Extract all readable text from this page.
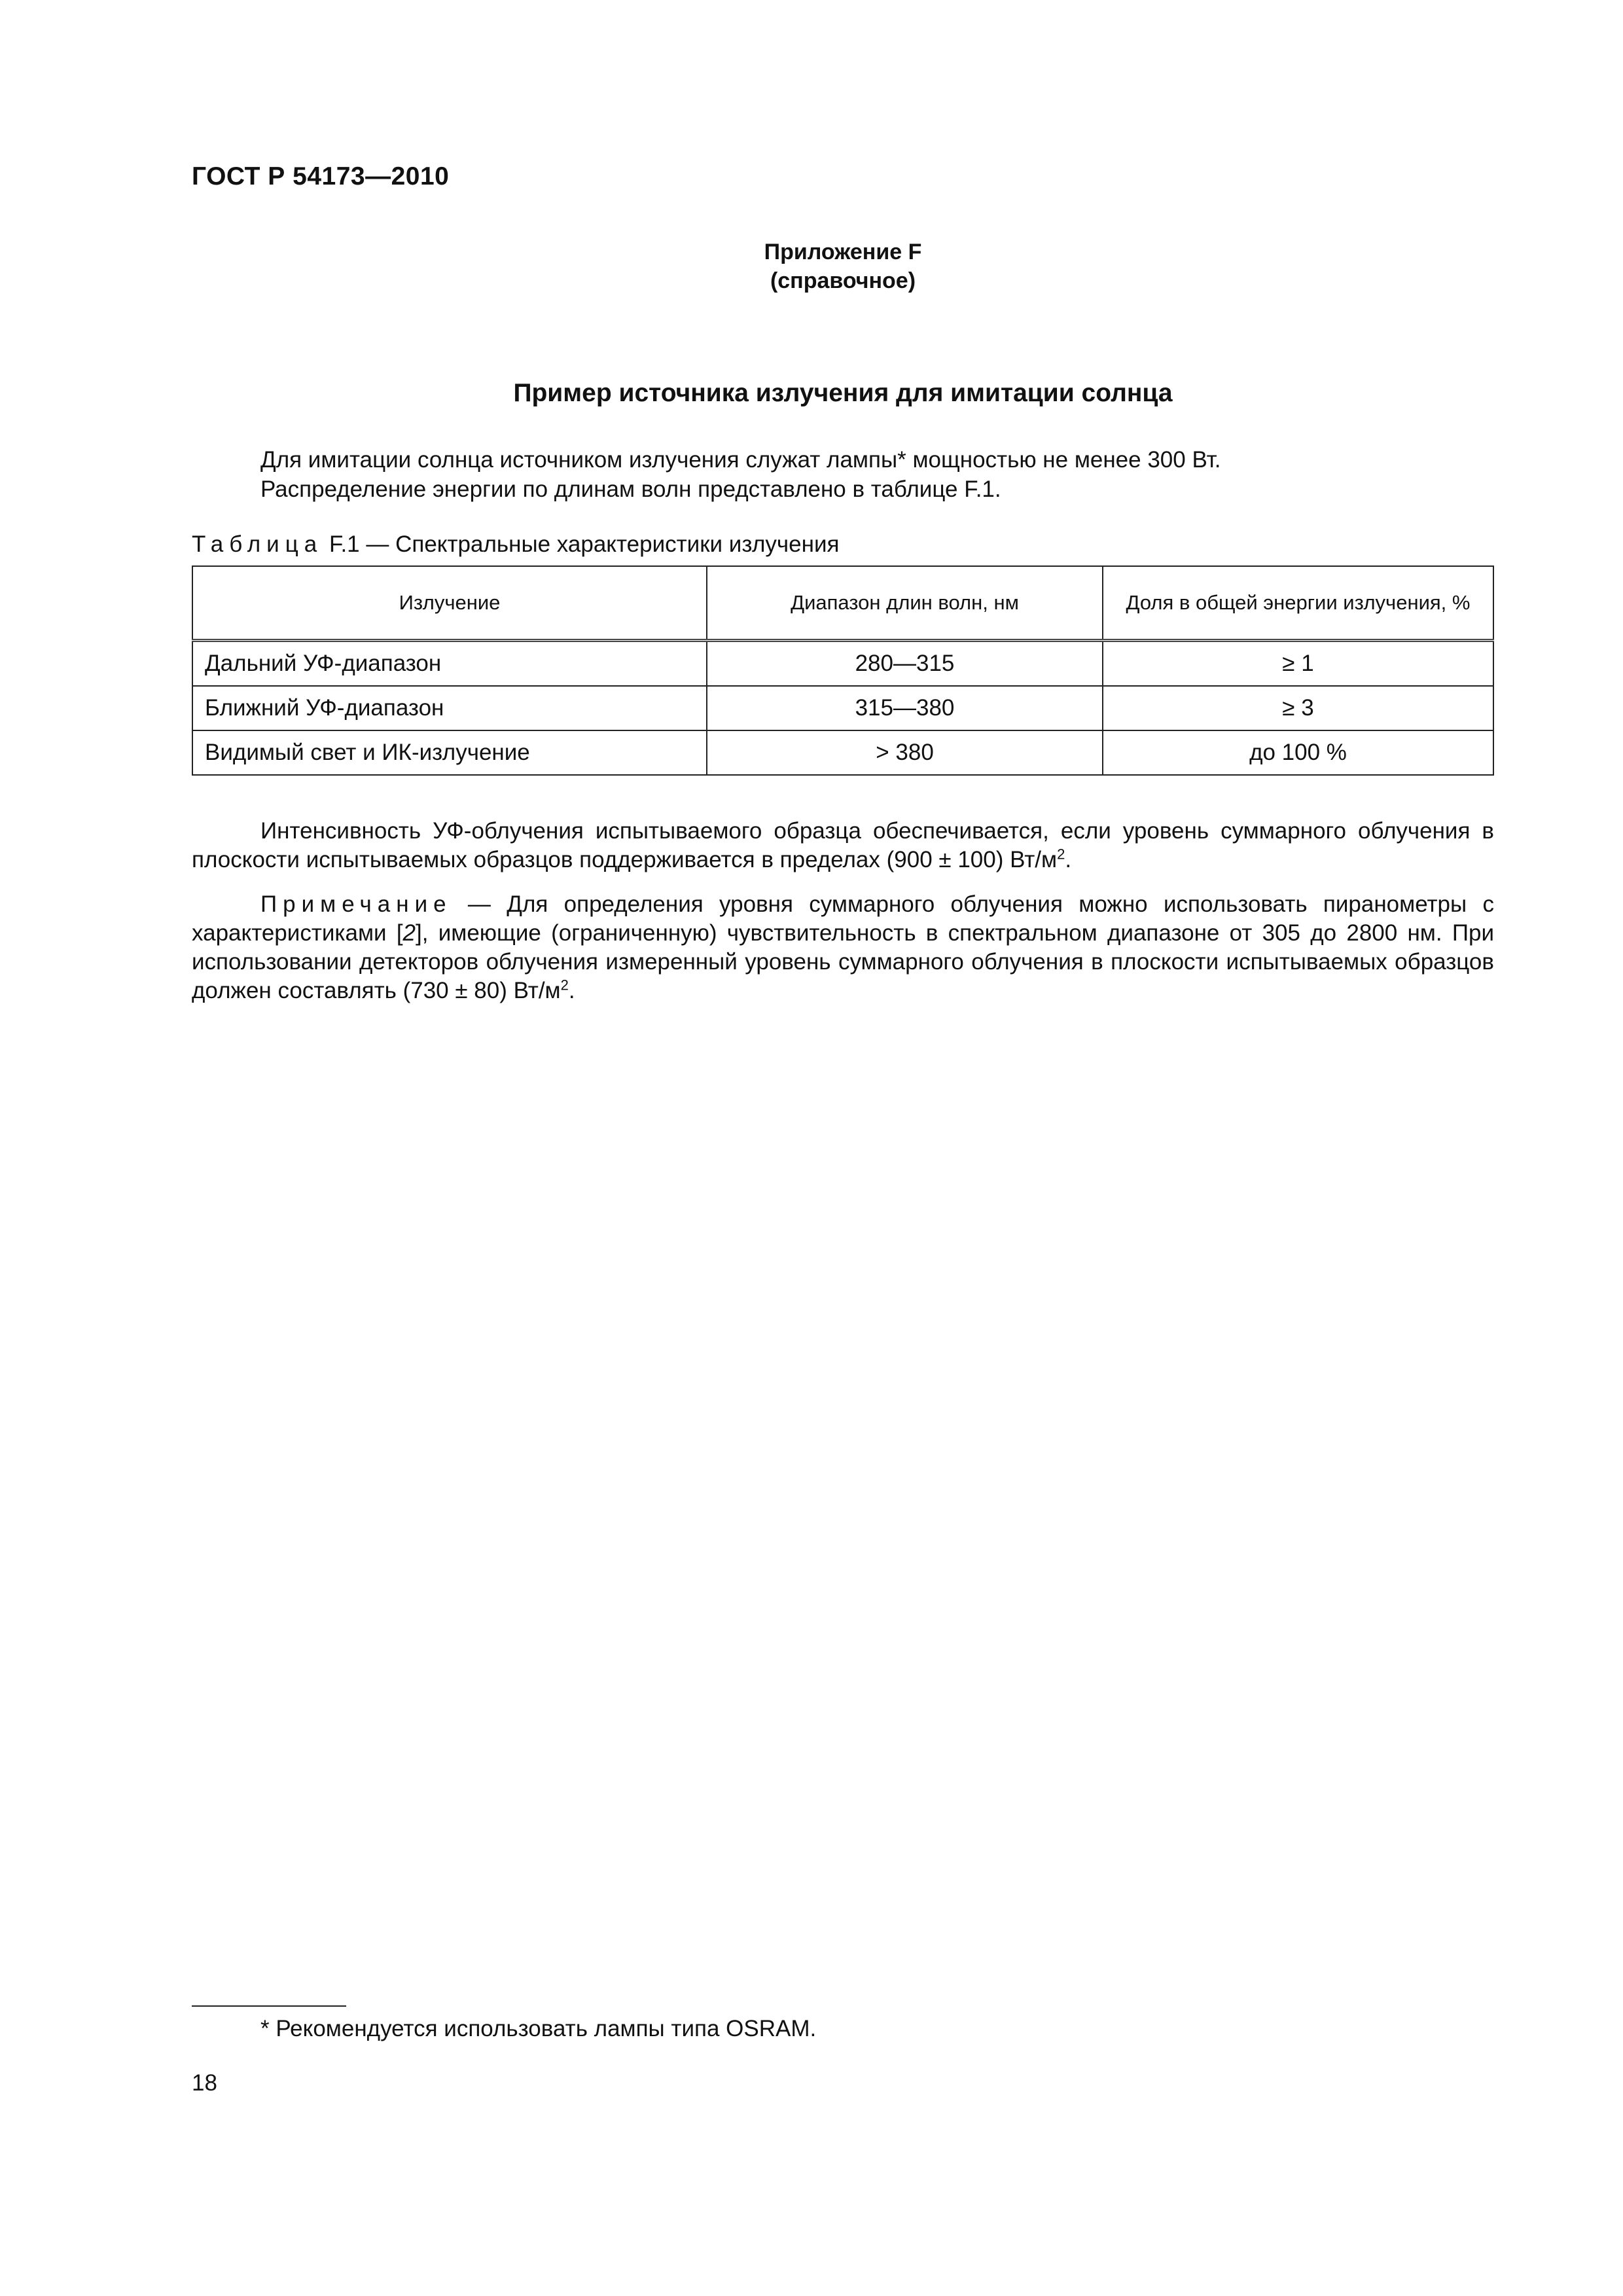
ГОСТ Р 54173—2010
Приложение F
(справочное)
Пример источника излучения для имитации солнца
Для имитации солнца источником излучения служат лампы* мощностью не менее 300 Вт.
Распределение энергии по длинам волн представлено в таблице F.1.
Таблица F.1 — Спектральные характеристики излучения
Излучение	Диапазон длин волн, нм	Доля в общей энергии излучения, %
Дальний УФ-диапазон	280—315	≥ 1
Ближний УФ-диапазон	315—380	≥ 3
Видимый свет и ИК-излучение	> 380	до 100 %

Интенсивность УФ-облучения испытываемого образца обеспечивается, если уровень суммарного облучения в плоскости испытываемых образцов поддерживается в пределах (900 ± 100) $Вт/м^2$.

Примечание — Для определения уровня суммарного облучения можно использовать пиранометры с характеристиками [2], имеющие (ограниченную) чувствительность в спектральном диапазоне от 305 до 2800 нм. При использовании детекторов облучения измеренный уровень суммарного облучения в плоскости испытываемых образцов должен составлять (730 ± 80) $Вт/м^2$.

* Рекомендуется использовать лампы типа OSRAM.
18
